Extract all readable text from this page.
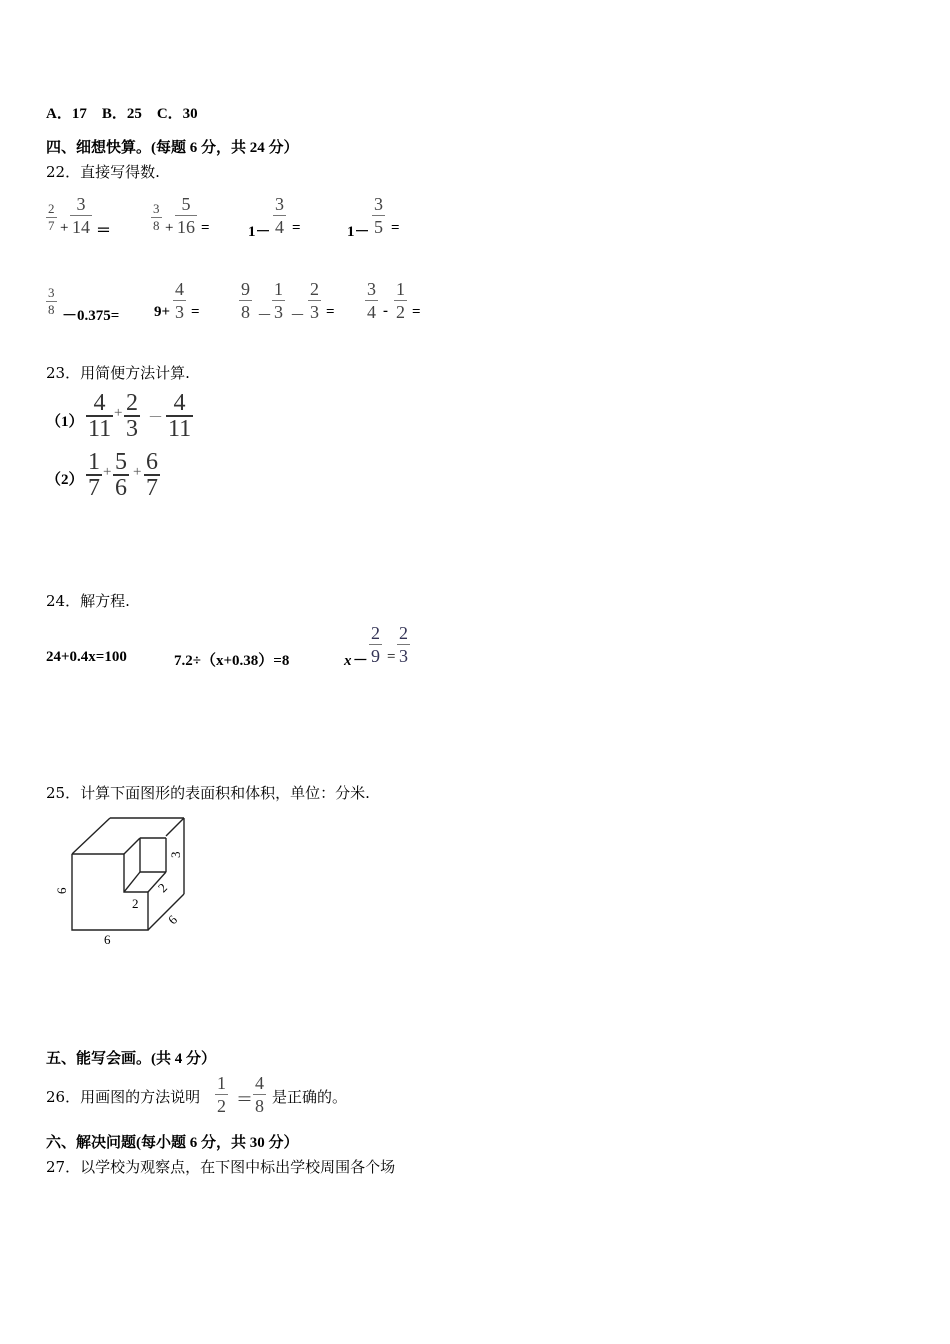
A．17　B．25　C．30
四、细想快算。(每题 6 分，共 24 分）
22．直接写得数.
2
7 +
3
14 ＝
3
8 +
5
16 =	1－
3
4 =	1－
3
5 =
3
8 －0.375= 9+
4
3 =
9
8 －
1
3 －
2
3 =
3
4 -
1
2 =
23．用简便方法计算.
（1）
4
11
+ 2
3 －
4
11
（2）
1
7
+ 5
6
+ 6
7
24．解方程.
24+0.4x=100	7.2÷（x+0.38）=8	x－
2
9 =
2
3
25．计算下面图形的表面积和体积，单位：分米.
6
6
6
2
2
3
五、能写会画。(共 4 分）
26．用画图的方法说明
1
2 ＝
4
8 是正确的。
六、解决问题(每小题 6 分，共 30 分）
27．以学校为观察点，在下图中标出学校周围各个场
